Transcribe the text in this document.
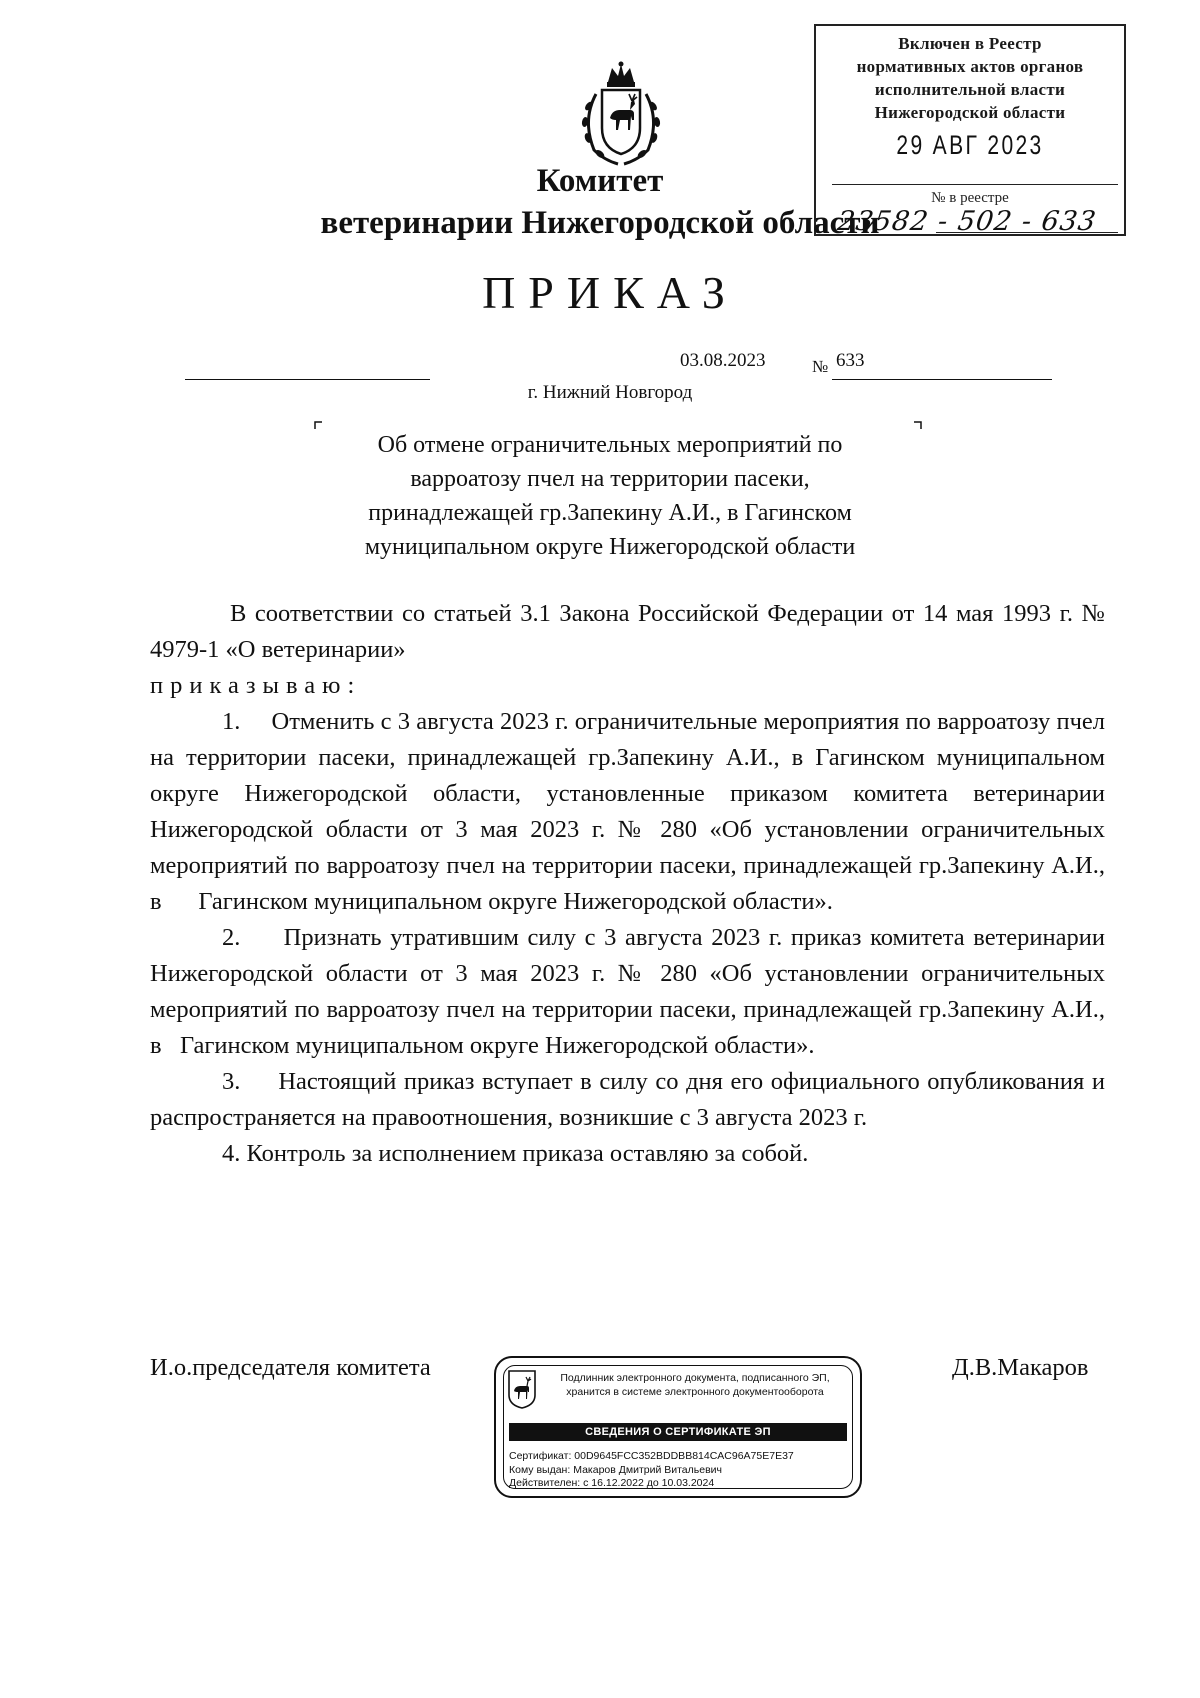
Включен в Реестр
нормативных актов органов
исполнительной власти
Нижегородской области
29 АВГ 2023
№ в реестре
23582 - 502 - 633
Комитет
ветеринарии Нижегородской области
ПРИКАЗ
03.08.2023	№ 633
г. Нижний Новгород
Об отмене ограничительных мероприятий по
варроатозу пчел на территории пасеки,
принадлежащей гр.Запекину А.И., в Гагинском
муниципальном округе Нижегородской области

В соответствии со статьей 3.1 Закона Российской Федерации от 14 мая 1993 г. № 4979-1 «О ветеринарии»

приказываю:

1.     Отменить с 3 августа 2023 г. ограничительные мероприятия по варроатозу пчел на территории пасеки, принадлежащей гр.Запекину А.И., в Гагинском муниципальном округе Нижегородской области, установленные приказом комитета ветеринарии Нижегородской области от 3 мая 2023 г. № 280 «Об установлении ограничительных мероприятий по варроатозу пчел на территории пасеки, принадлежащей гр.Запекину А.И., в      Гагинском муниципальном округе Нижегородской области».

2.     Признать утратившим силу с 3 августа 2023 г. приказ комитета ветеринарии Нижегородской области от 3 мая 2023 г. № 280 «Об установлении ограничительных мероприятий по варроатозу пчел на территории пасеки, принадлежащей гр.Запекину А.И., в   Гагинском муниципальном округе Нижегородской области».

3.     Настоящий приказ вступает в силу со дня его официального опубликования и распространяется на правоотношения, возникшие с 3 августа 2023 г.

4. Контроль за исполнением приказа оставляю за собой.

И.о.председателя комитета	Д.В.Макаров
Подлинник электронного документа, подписанного ЭП,
хранится в системе электронного документооборота
СВЕДЕНИЯ О СЕРТИФИКАТЕ ЭП
Сертификат: 00D9645FCC352BDDBB814CAC96A75E7E37
Кому выдан: Макаров Дмитрий Витальевич
Действителен: с 16.12.2022 до 10.03.2024
